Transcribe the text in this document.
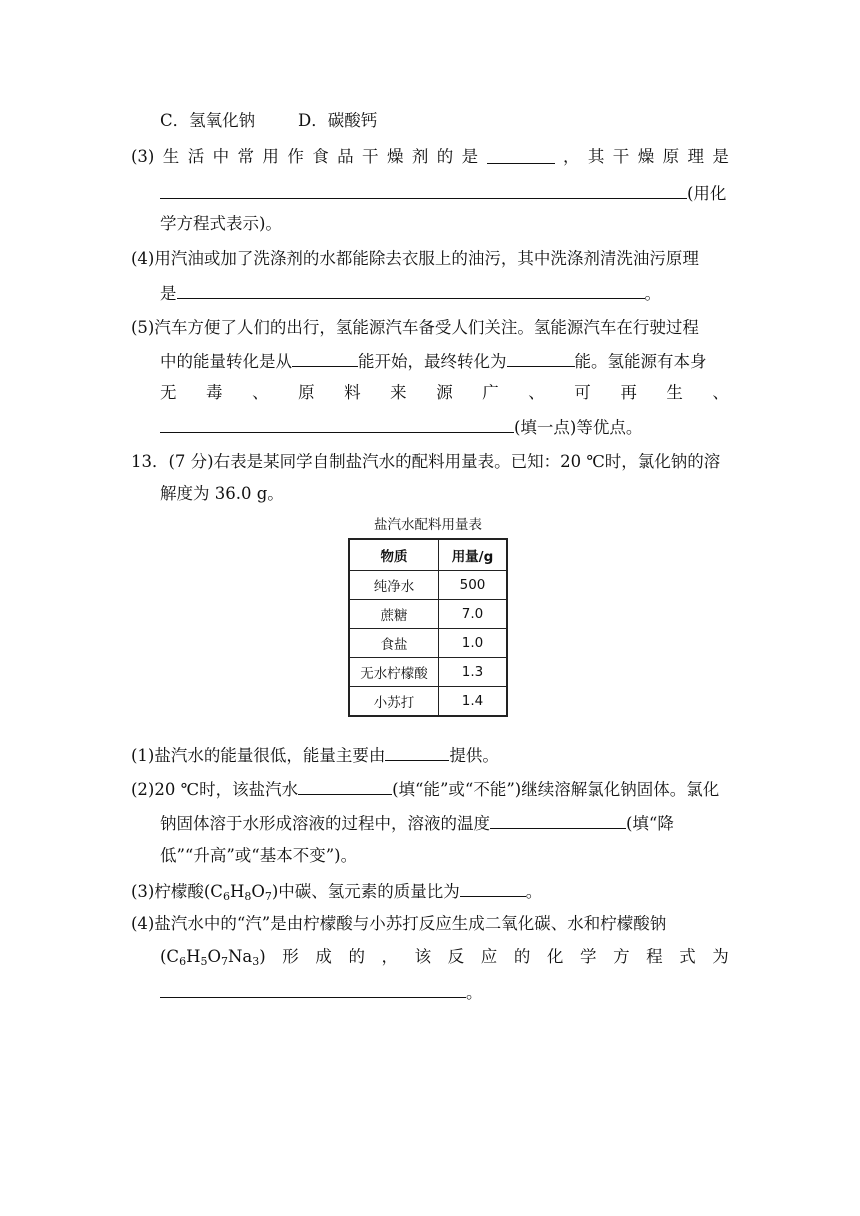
C．氢氧化钠	D．碳酸钙
(3) 生 活 中 常 用 作 食 品 干 燥 剂 的 是	， 其 干 燥 原 理 是
(用化
学方程式表示)。
(4)用汽油或加了洗涤剂的水都能除去衣服上的油污，其中洗涤剂清洗油污原理
是	。
(5)汽车方便了人们的出行，氢能源汽车备受人们关注。氢能源汽车在行驶过程
中的能量转化是从	能开始，最终转化为	能。氢能源有本身
无 毒 、 原 料 来 源 广 、 可 再 生 、
(填一点)等优点。
13．(7 分)右表是某同学自制盐汽水的配料用量表。已知：20 ℃时，氯化钠的溶
解度为 36.0 g。
盐汽水配料用量表
物质	用量/g
纯净水	500
蔗糖	7.0
食盐	1.0
无水柠檬酸	1.3
小苏打	1.4
(1)盐汽水的能量很低，能量主要由	提供。
(2)20 ℃时，该盐汽水	(填“能”或“不能”)继续溶解氯化钠固体。氯化
钠固体溶于水形成溶液的过程中，溶液的温度	(填“降
低”“升高”或“基本不变”)。
(3)柠檬酸$(C_6H_8O_7)$中碳、氢元素的质量比为	。
(4)盐汽水中的“汽”是由柠檬酸与小苏打反应生成二氧化碳、水和柠檬酸钠
$(C_6H_5O_7Na_3)$ 形 成 的 ， 该 反 应 的 化 学 方 程 式 为
。
